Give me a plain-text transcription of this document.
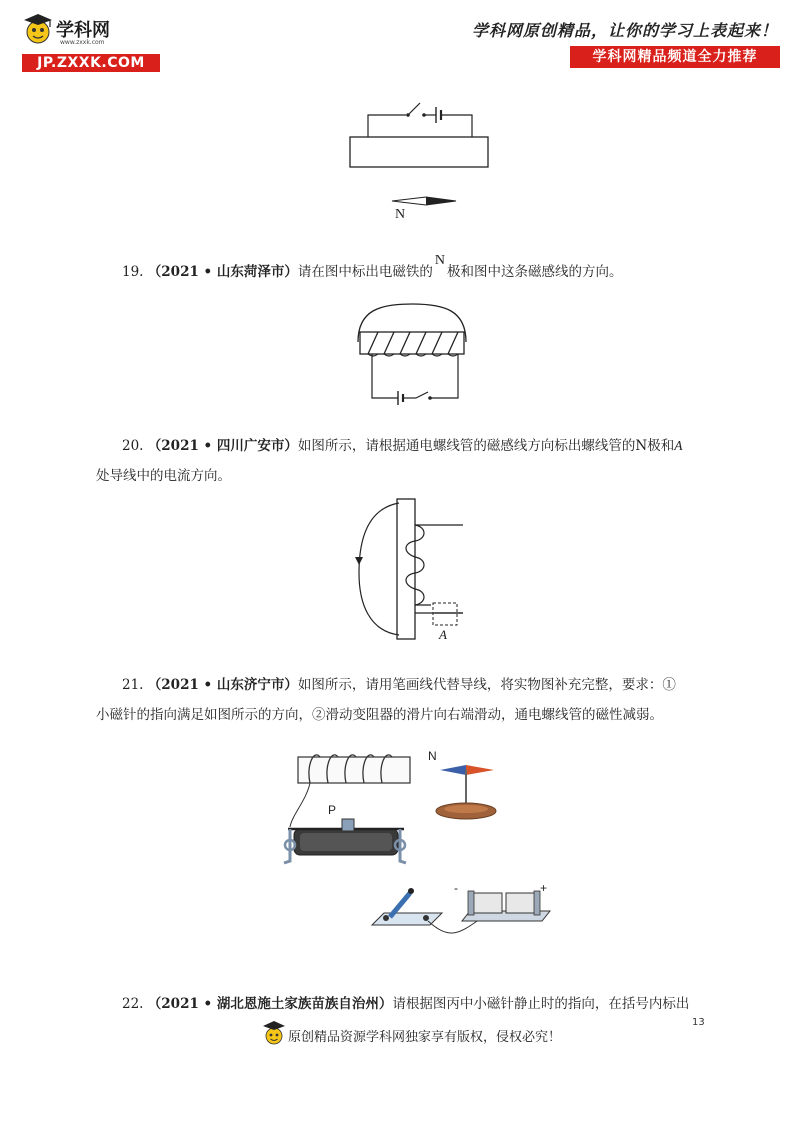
学科网
www.zxxk.com
JP.ZXXK.COM
学科网原创精品，让你的学习上表起来！
学科网精品频道全力推荐
N
19. （2021 • 山东菏泽市）请在图中标出电磁铁的N极和图中这条磁感线的方向。
20. （2021 • 四川广安市）如图所示，请根据通电螺线管的磁感线方向标出螺线管的N极和A
处导线中的电流方向。
A
21. （2021 • 山东济宁市）如图所示，请用笔画线代替导线，将实物图补充完整，要求：①
小磁针的指向满足如图所示的方向，②滑动变阻器的滑片向右端滑动，通电螺线管的磁性减弱。
N
P
-	+
22. （2021 • 湖北恩施土家族苗族自治州）请根据图丙中小磁针静止时的指向，在括号内标出
13
原创精品资源学科网独家享有版权，侵权必究！
